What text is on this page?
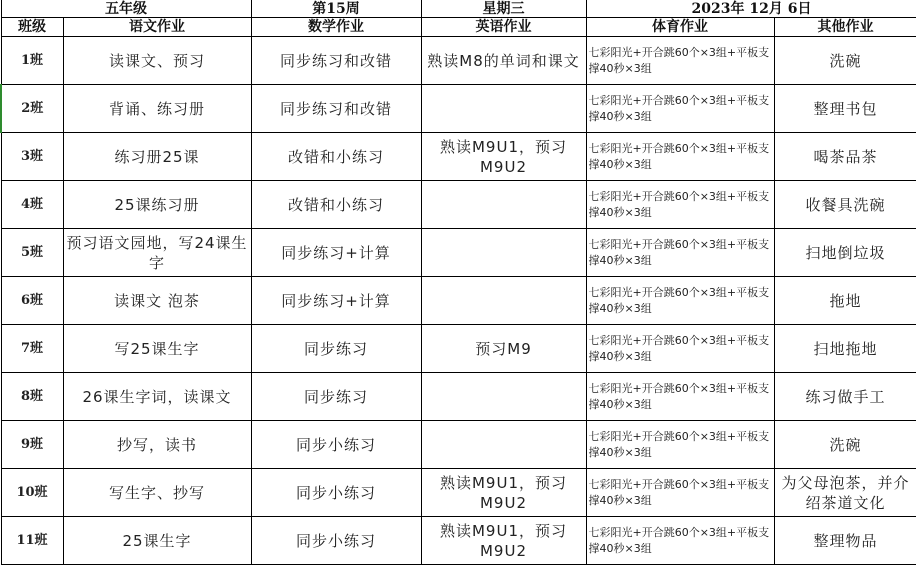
五年级		第15周	星期三	2023年 12月 6日	
班级	语文作业	数学作业	英语作业	体育作业	其他作业
1班	读课文、预习	同步练习和改错	熟读M8的单词和课文	七彩阳光+开合跳60个×3组+平板支撑40秒×3组	洗碗
2班	背诵、练习册	同步练习和改错		七彩阳光+开合跳60个×3组+平板支撑40秒×3组	整理书包
3班	练习册25课	改错和小练习	熟读M9U1，预习M9U2	七彩阳光+开合跳60个×3组+平板支撑40秒×3组	喝茶品茶
4班	25课练习册	改错和小练习		七彩阳光+开合跳60个×3组+平板支撑40秒×3组	收餐具洗碗
5班	预习语文园地，写24课生字	同步练习+计算		七彩阳光+开合跳60个×3组+平板支撑40秒×3组	扫地倒垃圾
6班	读课文 泡茶	同步练习+计算		七彩阳光+开合跳60个×3组+平板支撑40秒×3组	拖地
7班	写25课生字	同步练习	预习M9	七彩阳光+开合跳60个×3组+平板支撑40秒×3组	扫地拖地
8班	26课生字词，读课文	同步练习		七彩阳光+开合跳60个×3组+平板支撑40秒×3组	练习做手工
9班	抄写，读书	同步小练习		七彩阳光+开合跳60个×3组+平板支撑40秒×3组	洗碗
10班	写生字、抄写	同步小练习	熟读M9U1，预习M9U2	七彩阳光+开合跳60个×3组+平板支撑40秒×3组	为父母泡茶，并介绍茶道文化
11班	25课生字	同步小练习	熟读M9U1，预习M9U2	七彩阳光+开合跳60个×3组+平板支撑40秒×3组	整理物品
